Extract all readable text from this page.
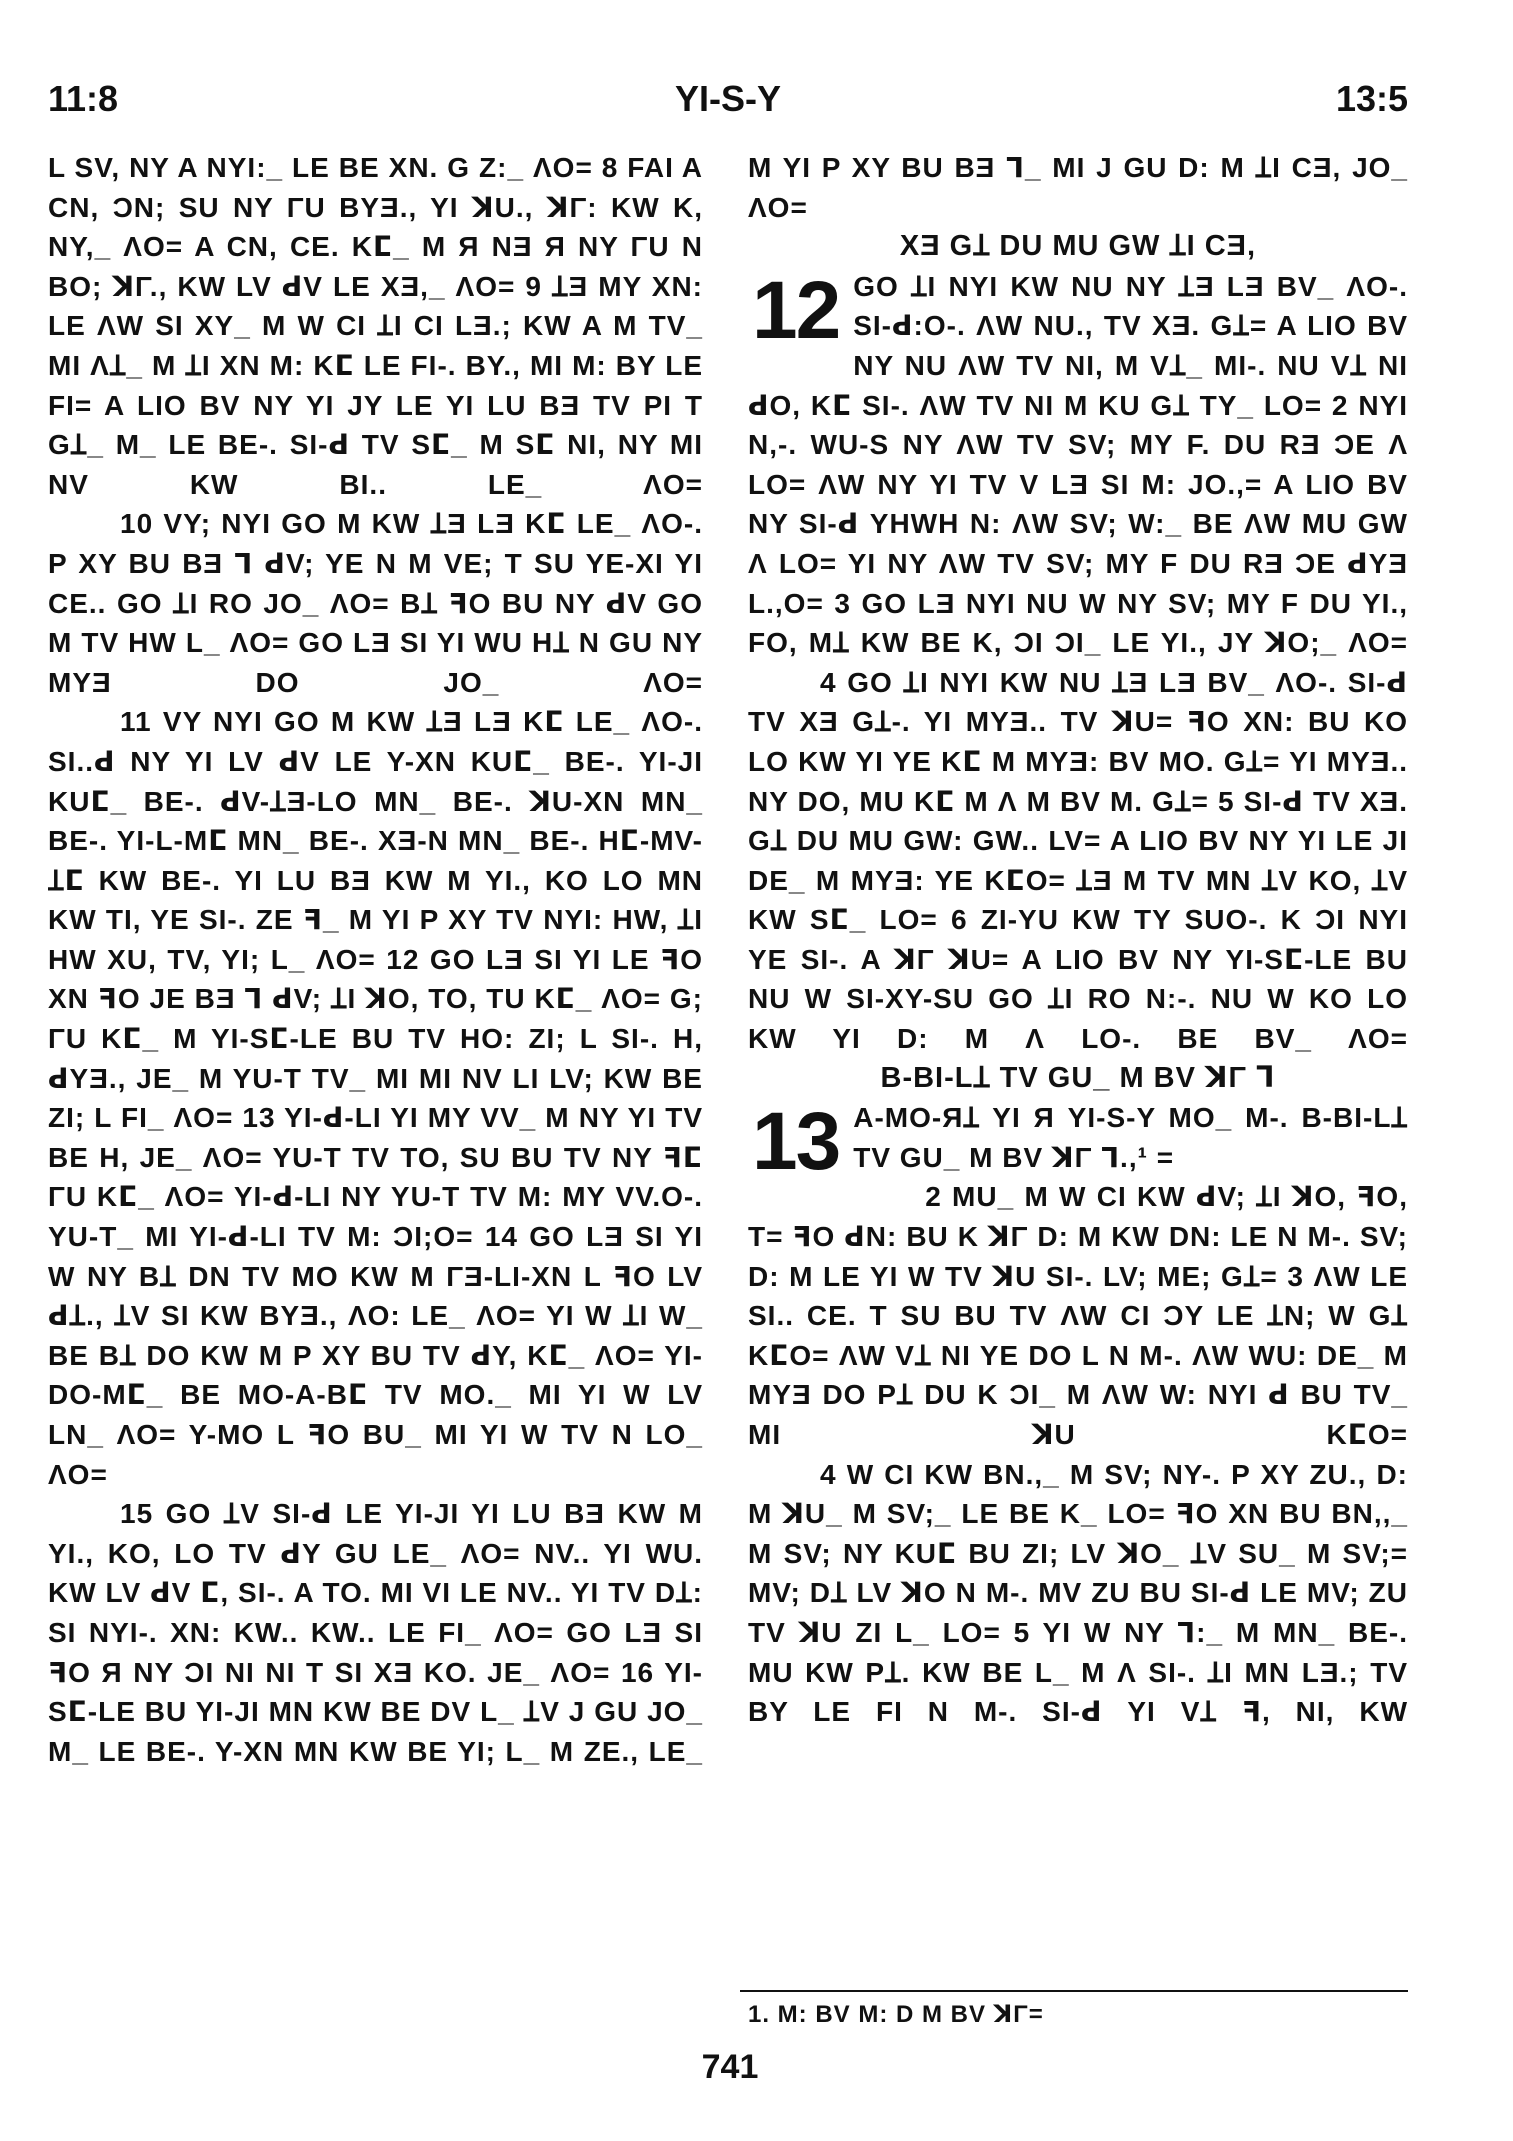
11:8	YI-S-Y	13:5

L SV, NY A NYI:_ LE BE XN. G Z:_ ΛO= 8 FAI A CN, ƆN; SU NY ΓU BYƎ., YI ꓘU., ꓘΓ: KW K, NY,_ ΛO= A CN, CE. Kⵎ_ M Я NƎ Я NY ΓU N BO; ꓘΓ., KW LV ꓒV LE XƎ,_ ΛO= 9 ꞱƎ MY XN: LE ΛW SI XY_ M W CI ꞱI CI LƎ.; KW A M TV_ MI ΛꞱ_ M ꞱI XN M: Kⵎ LE FI-. BY., MI M: BY LE FI= A LIO BV NY YI JY LE YI LU BƎ TV PI T GꞱ_ M_ LE BE-. SI-ꓒ TV Sⵎ_ M Sⵎ NI, NY MI NV KW BI.. LE_ ΛO=

10 VY; NYI GO M KW ꞱƎ LƎ Kⵎ LE_ ΛO-. P XY BU BƎ Ꞁ ꓒV; YE N M VE; T SU YE-XI YI CE.. GO ꞱI RO JO_ ΛO= BꞱ ꟻO BU NY ꓒV GO M TV HW L_ ΛO= GO LƎ SI YI WU HꞱ N GU NY MYƎ DO JO_ ΛO=

11 VY NYI GO M KW ꞱƎ LƎ Kⵎ LE_ ΛO-. SI..ꓒ NY YI LV ꓒV LE Y-XN KUⵎ_ BE-. YI-JI KUⵎ_ BE-. ꓒV-ꞱƎ-LO MN_ BE-. ꓘU-XN MN_ BE-. YI-L-Mⵎ MN_ BE-. XƎ-N MN_ BE-. Hⵎ-MV-Ʇⵎ KW BE-. YI LU BƎ KW M YI., KO LO MN KW TI, YE SI-. ZE ꟻ_ M YI P XY TV NYI: HW, ꞱI HW XU, TV, YI; L_ ΛO= 12 GO LƎ SI YI LE ꟻO XN ꟻO JE BƎ Ꞁ ꓒV; ꞱI ꓘO, TO, TU Kⵎ_ ΛO= G; ΓU Kⵎ_ M YI-Sⵎ-LE BU TV HO: ZI; L SI-. H, ꓒYƎ., JE_ M YU-T TV_ MI MI NV LI LV; KW BE ZI; L FI_ ΛO= 13 YI-ꓒ-LI YI MY VV_ M NY YI TV BE H, JE_ ΛO= YU-T TV TO, SU BU TV NY ꟻⵎ ΓU Kⵎ_ ΛO= YI-ꓒ-LI NY YU-T TV M: MY VV.O-. YU-T_ MI YI-ꓒ-LI TV M: ƆI;O= 14 GO LƎ SI YI W NY BꞱ DN TV MO KW M ΓƎ-LI-XN L ꟻO LV ꓒꞱ., ꞱV SI KW BYƎ., ΛO: LE_ ΛO= YI W ꞱI W_ BE BꞱ DO KW M P XY BU TV ꓒY, Kⵎ_ ΛO= YI-DO-Mⵎ_ BE MO-A-Bⵎ TV MO._ MI YI W LV LN_ ΛO= Y-MO L ꟻO BU_ MI YI W TV N LO_ ΛO=

15 GO ꞱV SI-ꓒ LE YI-JI YI LU BƎ KW M YI., KO, LO TV ꓒY GU LE_ ΛO= NV.. YI WU. KW LV ꓒV ⵎ, SI-. A TO. MI VI LE NV.. YI TV DꞱ: SI NYI-. XN: KW.. KW.. LE FI_ ΛO= GO LƎ SI ꟻO Я NY ƆI NI NI T SI XƎ KO. JE_ ΛO= 16 YI-Sⵎ-LE BU YI-JI MN KW BE DV L_ ꞱV J GU JO_ M_ LE BE-. Y-XN MN KW BE YI; L_ M ZE., LE_

M YI P XY BU BƎ Ꞁ_ MI J GU D: M ꞱI CƎ, JO_ ΛO=

XƎ GꞱ DU MU GW ꞱI CƎ,

12 GO ꞱI NYI KW NU NY ꞱƎ LƎ BV_ ΛO-. SI-ꓒ:O-. ΛW NU., TV XƎ. GꞱ= A LIO BV NY NU ΛW TV NI, M VꞱ_ MI-. NU VꞱ NI ꓒO, Kⵎ SI-. ΛW TV NI M KU GꞱ TY_ LO= 2 NYI N,-. WU-S NY ΛW TV SV; MY F. DU RƎ ƆE Λ LO= ΛW NY YI TV V LƎ SI M: JO.,= A LIO BV NY SI-ꓒ YHWH N: ΛW SV; W:_ BE ΛW MU GW Λ LO= YI NY ΛW TV SV; MY F DU RƎ ƆE ꓒYƎ L.,O= 3 GO LƎ NYI NU W NY SV; MY F DU YI., FO, MꞱ KW BE K, ƆI ƆI_ LE YI., JY ꓘO;_ ΛO=

4 GO ꞱI NYI KW NU ꞱƎ LƎ BV_ ΛO-. SI-ꓒ TV XƎ GꞱ-. YI MYƎ.. TV ꓘU= ꟻO XN: BU KO LO KW YI YE Kⵎ M MYƎ: BV MO. GꞱ= YI MYƎ.. NY DO, MU Kⵎ M Λ M BV M. GꞱ= 5 SI-ꓒ TV XƎ. GꞱ DU MU GW: GW.. LV= A LIO BV NY YI LE JI DE_ M MYƎ: YE KⵎO= ꞱƎ M TV MN ꞱV KO, ꞱV KW Sⵎ_ LO= 6 ZI-YU KW TY SUO-. K ƆI NYI YE SI-. A ꓘΓ ꓘU= A LIO BV NY YI-Sⵎ-LE BU NU W SI-XY-SU GO ꞱI RO N:-. NU W KO LO KW YI D: M Λ LO-. BE BV_ ΛO=

B-BI-LꞱ TV GU_ M BV ꓘΓ Ꞁ

13 A-MO-ЯꞱ YI Я YI-S-Y MO_ M-. B-BI-LꞱ TV GU_ M BV ꓘΓ Ꞁ.,¹ =

2 MU_ M W CI KW ꓒV; ꞱI ꓘO, ꟻO, T= ꟻO ꓒN: BU K ꓘΓ D: M KW DN: LE N M-. SV; D: M LE YI W TV ꓘU SI-. LV; ME; GꞱ= 3 ΛW LE SI.. CE. T SU BU TV ΛW CI ƆY LE ꞱN; W GꞱ KⵎO= ΛW VꞱ NI YE DO L N M-. ΛW WU: DE_ M MYƎ DO PꞱ DU K ƆI_ M ΛW W: NYI ꓒ BU TV_ MI ꓘU KⵎO=

4 W CI KW BN.,_ M SV; NY-. P XY ZU., D: M ꓘU_ M SV;_ LE BE K_ LO= ꟻO XN BU BN,,_ M SV; NY KUⵎ BU ZI; LV ꓘO_ ꞱV SU_ M SV;= MV; DꞱ LV ꓘO N M-. MV ZU BU SI-ꓒ LE MV; ZU TV ꓘU ZI L_ LO= 5 YI W NY Ꞁ:_ M MN_ BE-. MU KW PꞱ. KW BE L_ M Λ SI-. ꞱI MN LƎ.; TV BY LE FI N M-. SI-ꓒ YI VꞱ ꟻ, NI, KW

1. M: BV M: D M BV ꓘΓ=
741
